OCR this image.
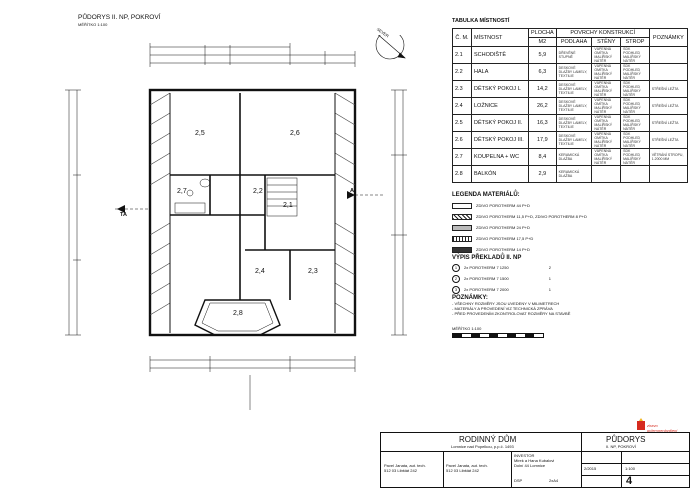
PŮDORYS II. NP, POKROVÍ
MĚŘÍTKO 1:100
2,5	2,6
2,7	2,2
2,1
2,4	2,3
2,8
SEVER
TA
A
MĚŘÍTKO 1:100
TABULKA MÍSTNOSTÍ
Č. M.	MÍSTNOST	PLOCHA	POVRCHY KONSTRUKCÍ			POZNÁMKY
		M2	PODLAHA	STĚNY	STROP	
2.1	SCHODIŠTĚ	5,9	DŘEVĚNÉ STUPNĚ	VÁPENNÁ OMÍTKA MALÍŘSKÝ NÁTĚR	SDK PODHLED MALÍŘSKÝ NÁTĚR	
2.2	HALA	6,3	DESKOVÉ DLAŽBY LAMELY, TEXTILIE	VÁPENNÁ OMÍTKA MALÍŘSKÝ NÁTĚR	SDK PODHLED MALÍŘSKÝ NÁTĚR	
2.3	DĚTSKÝ POKOJ L	14,2	DESKOVÉ DLAŽBY LAMELY, TEXTILIE	VÁPENNÁ OMÍTKA MALÍŘSKÝ NÁTĚR	SDK PODHLED MALÍŘSKÝ NÁTĚR	STŘEŠNÍ LEŽTA
2.4	LOŽNICE	26,2	DESKOVÉ DLAŽBY LAMELY, TEXTILIE	VÁPENNÁ OMÍTKA MALÍŘSKÝ NÁTĚR	SDK PODHLED MALÍŘSKÝ NÁTĚR	STŘEŠNÍ LEŽTA
2.5	DĚTSKÝ POKOJ II.	16,3	DESKOVÉ DLAŽBY LAMELY, TEXTILIE	VÁPENNÁ OMÍTKA MALÍŘSKÝ NÁTĚR	SDK PODHLED MALÍŘSKÝ NÁTĚR	STŘEŠNÍ LEŽTA
2.6	DĚTSKÝ POKOJ III.	17,9	DESKOVÉ DLAŽBY LAMELY, TEXTILIE	VÁPENNÁ OMÍTKA MALÍŘSKÝ NÁTĚR	SDK PODHLED MALÍŘSKÝ NÁTĚR	STŘEŠNÍ LEŽTA
2.7	KOUPELNA + WC	8,4	KERAMICKÁ DLAŽBA	VÁPENNÁ OMÍTKA MALÍŘSKÝ NÁTĚR	SDK PODHLED MALÍŘSKÝ NÁTĚR	VĚTRÁNÍ STROPU, 1.2000 MM
2.8	BALKÓN	2,9	KERAMICKÁ DLAŽBA			
LEGENDA MATERIÁLŮ:
ZDIVO POROTHERM 44 P+D
ZDIVO POROTHERM 11,5 P+D, ZDIVO POROTHERM 8 P+D
ZDIVO POROTHERM 24 P+D
ZDIVO POROTHERM 17,5 P+D
ZDIVO POROTHERM 14 P+D
VÝPIS PŘEKLADŮ II. NP
1 2x POROTHERM 7 1250	2
2 2x POROTHERM 7 1500	1
3 2x POROTHERM 7 2000	1
POZNÁMKY:
- VŠECHNY ROZMĚRY JSOU UVEDENY V MILIMETRECH
- MATERIÁLY A PROVEDENÍ VIZ TECHNICKÁ ZPRÁVA
- PŘED PROVEDENÍM ZKONTROLOVAT ROZMĚRY NA STAVBĚ
ziravo prijemnenbydleni
RODINNÝ DŮM
Lomnice nad Popelkou, p.p.č. 1493
PŮDORYS
II. NP, POKROVÍ
Pavel Janata, aut. tech.
512 03 Libštát 242
Pavel Janata, aut. tech.
512 03 Libštát 242
INVESTOR
Mirek a Hana Kubalovi
Dolní 44 Lomnice
DSP	2xA4
2/2015	1:100
4
